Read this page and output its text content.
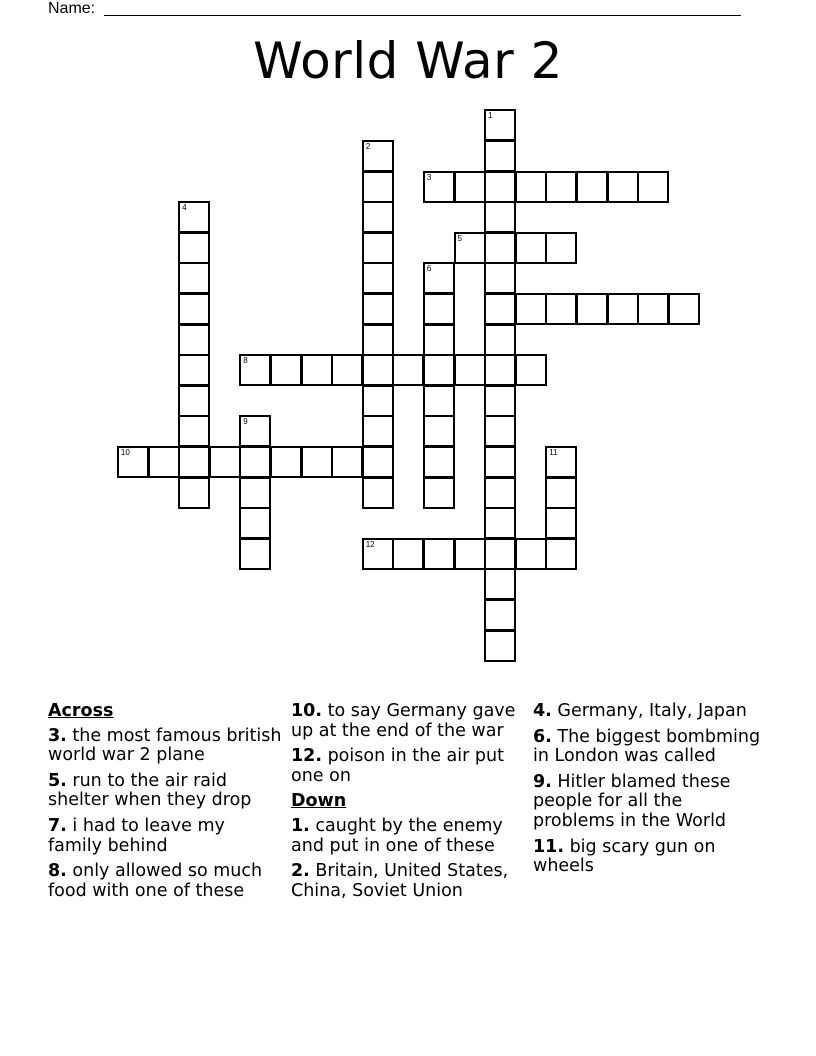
Name:
World War 2
1
2
3
4
5
6
8
9
10	11
12
Across
3. the most famous british world war 2 plane
5. run to the air raid shelter when they drop
7. i had to leave my family behind
8. only allowed so much food with one of these
10. to say Germany gave up at the end of the war
12. poison in the air put one on
Down
1. caught by the enemy and put in one of these
2. Britain, United States, China, Soviet Union
4. Germany, Italy, Japan
6. The biggest bombming in London was called
9. Hitler blamed these people for all the problems in the World
11. big scary gun on wheels
